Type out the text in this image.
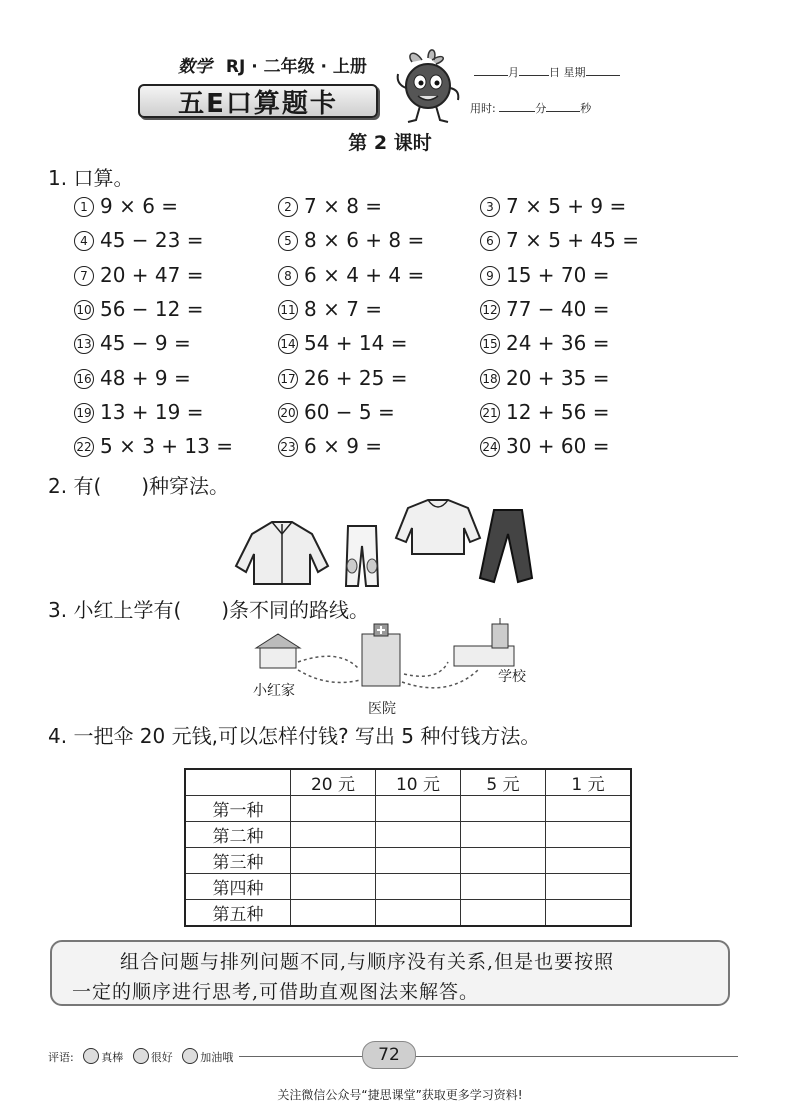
数学 RJ · 二年级 · 上册
五E口算题卡
月	日 星期
用时:	分	秒
第 2 课时
1. 口算。
1 9 × 6 =	2 7 × 8 =	3 7 × 5 + 9 =
4 45 − 23 =	5 8 × 6 + 8 =	6 7 × 5 + 45 =
7 20 + 47 =	8 6 × 4 + 4 =	9 15 + 70 =
10 56 − 12 =	11 8 × 7 =	12 77 − 40 =
13 45 − 9 =	14 54 + 14 =	15 24 + 36 =
16 48 + 9 =	17 26 + 25 =	18 20 + 35 =
19 13 + 19 =	20 60 − 5 =	21 12 + 56 =
22 5 × 3 + 13 =	23 6 × 9 =	24 30 + 60 =
2. 有(　　)种穿法。
3. 小红上学有(　　)条不同的路线。
小红家
医院
学校
4. 一把伞 20 元钱,可以怎样付钱? 写出 5 种付钱方法。
	20 元	10 元	5 元	1 元
第一种				
第二种				
第三种				
第四种				
第五种				
组合问题与排列问题不同,与顺序没有关系,但是也要按照
一定的顺序进行思考,可借助直观图法来解答。
评语:	真棒	很好	加油哦	72
关注微信公众号“捷思课堂”获取更多学习资料!
